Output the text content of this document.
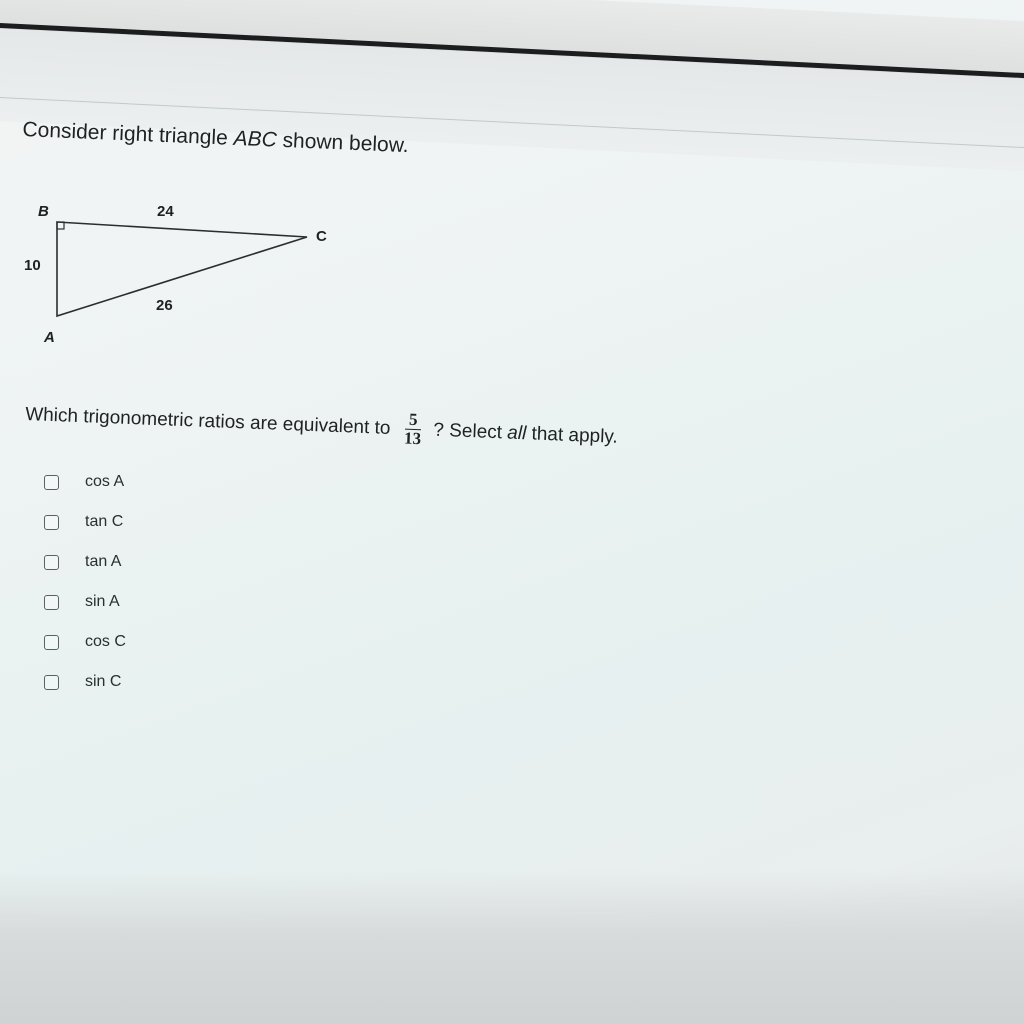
Consider right triangle ABC shown below.
B	24
C
10
26
A
Which trigonometric ratios are equivalent to $\frac{5}{13}$ ? Select all that apply.
cos A
tan C
tan A
sin A
cos C
sin C
